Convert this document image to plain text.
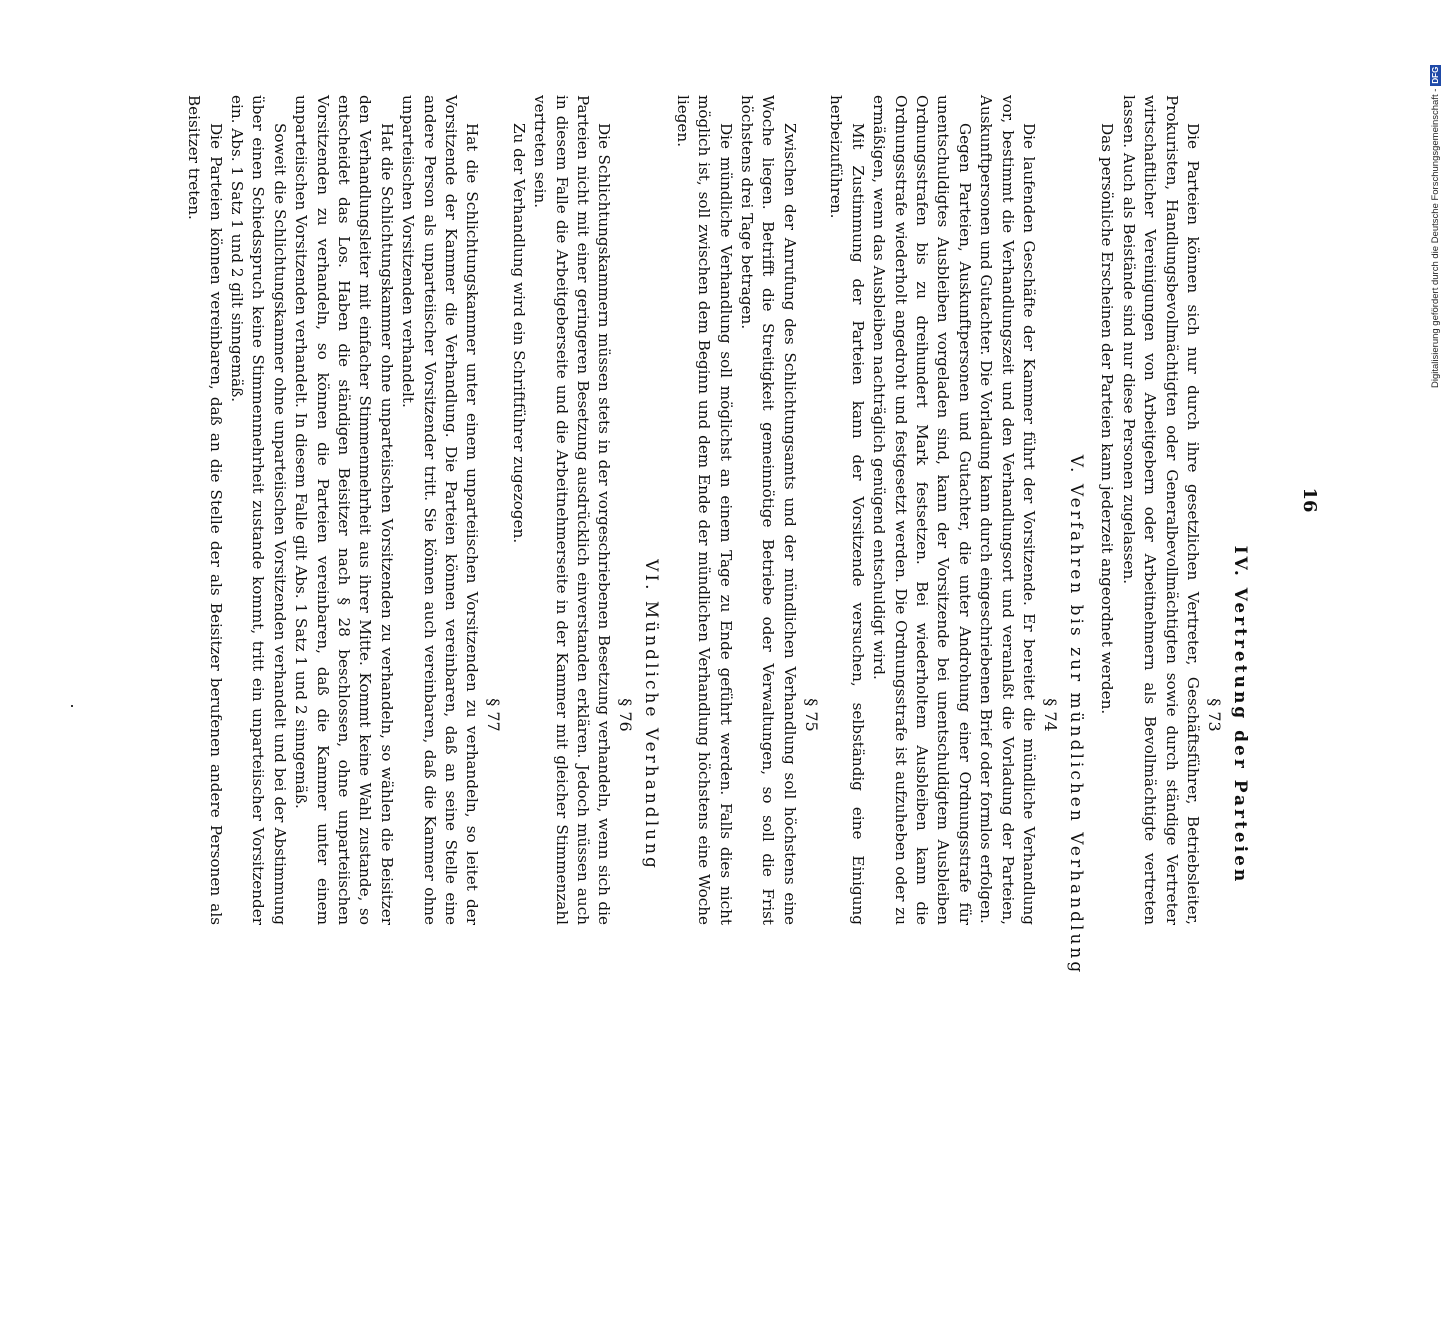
16
IV. Vertretung der Parteien
§ 73

Die Parteien können sich nur durch ihre gesetzlichen Vertreter, Geschäftsführer, Betriebsleiter, Prokuristen, Handlungsbevollmächtigten oder Generalbevollmächtigten sowie durch ständige Vertreter wirtschaftlicher Vereinigungen von Arbeitgebern oder Arbeitnehmern als Bevollmächtigte vertreten lassen. Auch als Beistände sind nur diese Personen zugelassen.

Das persönliche Erscheinen der Parteien kann jederzeit angeordnet werden.

V. Verfahren bis zur mündlichen Verhandlung
§ 74

Die laufenden Geschäfte der Kammer führt der Vorsitzende. Er bereitet die mündliche Verhandlung vor, bestimmt die Verhandlungszeit und den Verhandlungsort und veranlaßt die Vorladung der Parteien, Auskunftpersonen und Gutachter. Die Vorladung kann durch eingeschriebenen Brief oder formlos erfolgen.

Gegen Parteien, Auskunftpersonen und Gutachter, die unter Androhung einer Ordnungsstrafe für unentschuldigtes Ausbleiben vorgeladen sind, kann der Vorsitzende bei unentschuldigtem Ausbleiben Ordnungsstrafen bis zu dreihundert Mark festsetzen. Bei wiederholtem Ausbleiben kann die Ordnungsstrafe wiederholt angedroht und festgesetzt werden. Die Ordnungsstrafe ist aufzuheben oder zu ermäßigen, wenn das Ausbleiben nachträglich genügend entschuldigt wird.

Mit Zustimmung der Parteien kann der Vorsitzende versuchen, selbständig eine Einigung herbeizuführen.

§ 75

Zwischen der Anrufung des Schlichtungsamts und der mündlichen Verhandlung soll höchstens eine Woche liegen. Betrifft die Streitigkeit gemeinnötige Betriebe oder Verwaltungen, so soll die Frist höchstens drei Tage betragen.

Die mündliche Verhandlung soll möglichst an einem Tage zu Ende geführt werden. Falls dies nicht möglich ist, soll zwischen dem Beginn und dem Ende der mündlichen Verhandlung höchstens eine Woche liegen.

VI. Mündliche Verhandlung
§ 76

Die Schlichtungskammern müssen stets in der vorgeschriebenen Besetzung verhandeln, wenn sich die Parteien nicht mit einer geringeren Besetzung ausdrücklich einverstanden erklären. Jedoch müssen auch in diesem Falle die Arbeitgeberseite und die Arbeitnehmerseite in der Kammer mit gleicher Stimmenzahl vertreten sein.

Zu der Verhandlung wird ein Schriftführer zugezogen.

§ 77

Hat die Schlichtungskammer unter einem unparteiischen Vorsitzenden zu verhandeln, so leitet der Vorsitzende der Kammer die Verhandlung. Die Parteien können vereinbaren, daß an seine Stelle eine andere Person als unparteiischer Vorsitzender tritt. Sie können auch vereinbaren, daß die Kammer ohne unparteiischen Vorsitzenden verhandelt.

Hat die Schlichtungskammer ohne unparteiischen Vorsitzenden zu verhandeln, so wählen die Beisitzer den Verhandlungsleiter mit einfacher Stimmenmehrheit aus ihrer Mitte. Kommt keine Wahl zustande, so entscheidet das Los. Haben die ständigen Beisitzer nach § 28 beschlossen, ohne unparteiischen Vorsitzenden zu verhandeln, so können die Parteien vereinbaren, daß die Kammer unter einem unparteiischen Vorsitzenden verhandelt. In diesem Falle gilt Abs. 1 Satz 1 und 2 sinngemäß.

Soweit die Schlichtungskammer ohne unparteiischen Vorsitzenden verhandelt und bei der Abstimmung über einen Schiedsspruch keine Stimmenmehrheit zustande kommt, tritt ein unparteiischer Vorsitzender ein. Abs. 1 Satz 1 und 2 gilt sinngemäß.

Die Parteien können vereinbaren, daß an die Stelle der als Beisitzer berufenen andere Personen als Beisitzer treten.	Digitalisierung gefördert durch die Deutsche Forschungsgemeinschaft -DFG
